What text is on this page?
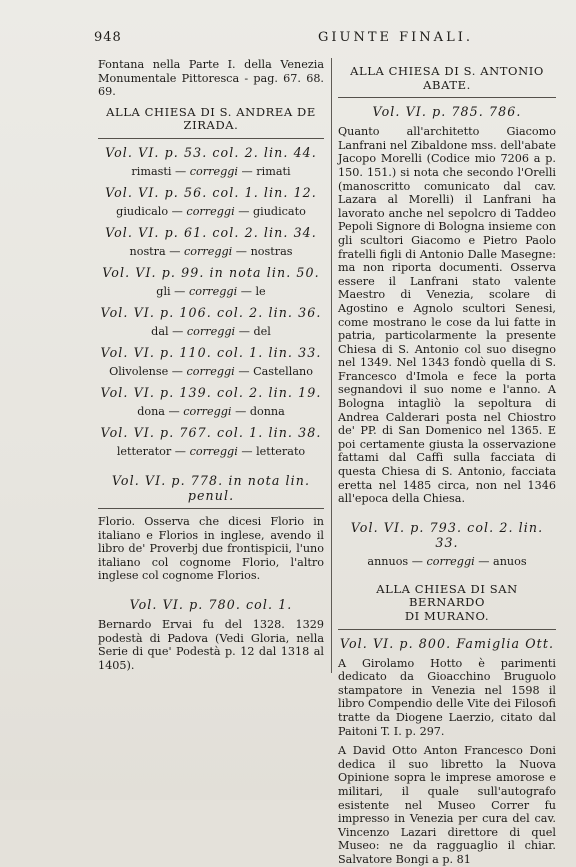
948	GIUNTE FINALI.

Fontana nella Parte I. della Venezia Monumentale Pittoresca - pag. 67. 68. 69.

ALLA CHIESA DI S. ANDREA DE ZIRADA.
Vol. VI. p. 53. col. 2. lin. 44.
rimasti — correggi — rimati
Vol. VI. p. 56. col. 1. lin. 12.
giudicalo — correggi — giudicato
Vol. VI. p. 61. col. 2. lin. 34.
nostra — correggi — nostras
Vol. VI. p. 99. in nota lin. 50.
gli — correggi — le
Vol. VI. p. 106. col. 2. lin. 36.
dal — correggi — del
Vol. VI. p. 110. col. 1. lin. 33.
Olivolense — correggi — Castellano
Vol. VI. p. 139. col. 2. lin. 19.
dona — correggi — donna
Vol. VI. p. 767. col. 1. lin. 38.
letterator — correggi — letterato
Vol. VI. p. 778. in nota lin. penul.

Florio. Osserva che dicesi Florio in italiano e Florios in inglese, avendo il libro de' Proverbj due frontispicii, l'uno italiano col cognome Florio, l'altro inglese col cognome Florios.

Vol. VI. p. 780. col. 1.

Bernardo Ervai fu del 1328. 1329 podestà di Padova (Vedi Gloria, nella Serie di que' Podestà p. 12 dal 1318 al 1405).

ALLA CHIESA DI S. ANTONIO ABATE.
Vol. VI. p. 785. 786.

Quanto all'architetto Giacomo Lanfrani nel Zibaldone mss. dell'abate Jacopo Morelli (Codice mio 7206 a p. 150. 151.) si nota che secondo l'Orelli (manoscritto comunicato dal cav. Lazara al Morelli) il Lanfrani ha lavorato anche nel sepolcro di Taddeo Pepoli Signore di Bologna insieme con gli scultori Giacomo e Pietro Paolo fratelli figli di Antonio Dalle Masegne: ma non riporta documenti. Osserva essere il Lanfrani stato valente Maestro di Venezia, scolare di Agostino e Agnolo scultori Senesi, come mostrano le cose da lui fatte in patria, particolarmente la presente Chiesa di S. Antonio col suo disegno nel 1349. Nel 1343 fondò quella di S. Francesco d'Imola e fece la porta segnandovi il suo nome e l'anno. A Bologna intagliò la sepoltura di Andrea Calderari posta nel Chiostro de' PP. di San Domenico nel 1365. E poi certamente giusta la osservazione fattami dal Caffi sulla facciata di questa Chiesa di S. Antonio, facciata eretta nel 1485 circa, non nel 1346 all'epoca della Chiesa.

Vol. VI. p. 793. col. 2. lin. 33.
annuos — correggi — anuos
ALLA CHIESA DI SAN BERNARDO
DI MURANO.
Vol. VI. p. 800. Famiglia Ott.

A Girolamo Hotto è parimenti dedicato da Gioacchino Bruguolo stampatore in Venezia nel 1598 il libro Compendio delle Vite dei Filosofi tratte da Diogene Laerzio, citato dal Paitoni T. I. p. 297.

A David Otto Anton Francesco Doni dedica il suo libretto la Nuova Opinione sopra le imprese amorose e militari, il quale sull'autografo esistente nel Museo Correr fu impresso in Venezia per cura del cav. Vincenzo Lazari direttore di quel Museo: ne da ragguaglio il chiar. Salvatore Bongi a p. 81
